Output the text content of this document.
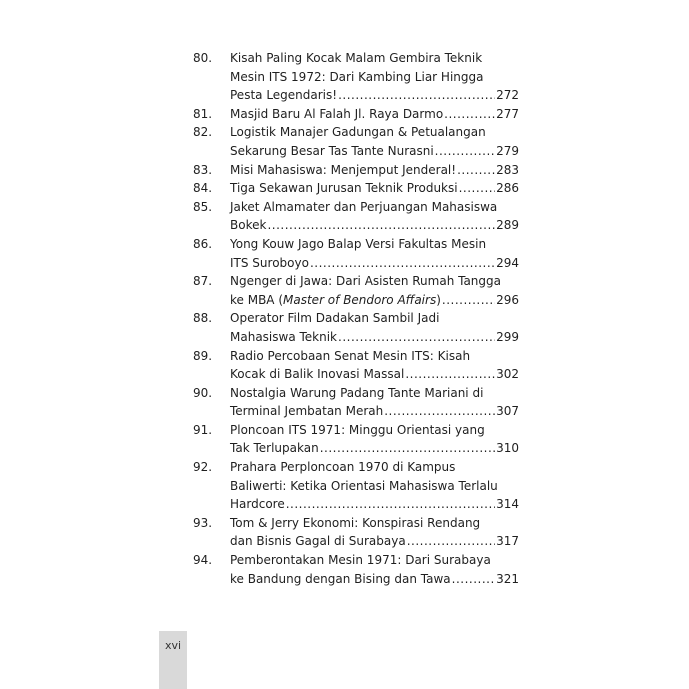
80.	Kisah Paling Kocak Malam Gembira Teknik
Mesin ITS 1972: Dari Kambing Liar Hingga
Pesta Legendaris! .....	272
81.	Masjid Baru Al Falah Jl. Raya Darmo .....	277
82.	Logistik Manajer Gadungan & Petualangan
Sekarung Besar Tas Tante Nurasni .....	279
83.	Misi Mahasiswa: Menjemput Jenderal! .....	283
84.	Tiga Sekawan Jurusan Teknik Produksi .....	286
85.	Jaket Almamater dan Perjuangan Mahasiswa
Bokek .....	289
86.	Yong Kouw Jago Balap Versi Fakultas Mesin
ITS Suroboyo .....	294
87.	Ngenger di Jawa: Dari Asisten Rumah Tangga
ke MBA (Master of Bendoro Affairs) .....	296
88.	Operator Film Dadakan Sambil Jadi
Mahasiswa Teknik .....	299
89.	Radio Percobaan Senat Mesin ITS: Kisah
Kocak di Balik Inovasi Massal .....	302
90.	Nostalgia Warung Padang Tante Mariani di
Terminal Jembatan Merah .....	307
91.	Ploncoan ITS 1971: Minggu Orientasi yang
Tak Terlupakan .....	310
92.	Prahara Perploncoan 1970 di Kampus
Baliwerti: Ketika Orientasi Mahasiswa Terlalu
Hardcore .....	314
93.	Tom & Jerry Ekonomi: Konspirasi Rendang
dan Bisnis Gagal di Surabaya .....	317
94.	Pemberontakan Mesin 1971: Dari Surabaya
ke Bandung dengan Bising dan Tawa .....	321
xvi
